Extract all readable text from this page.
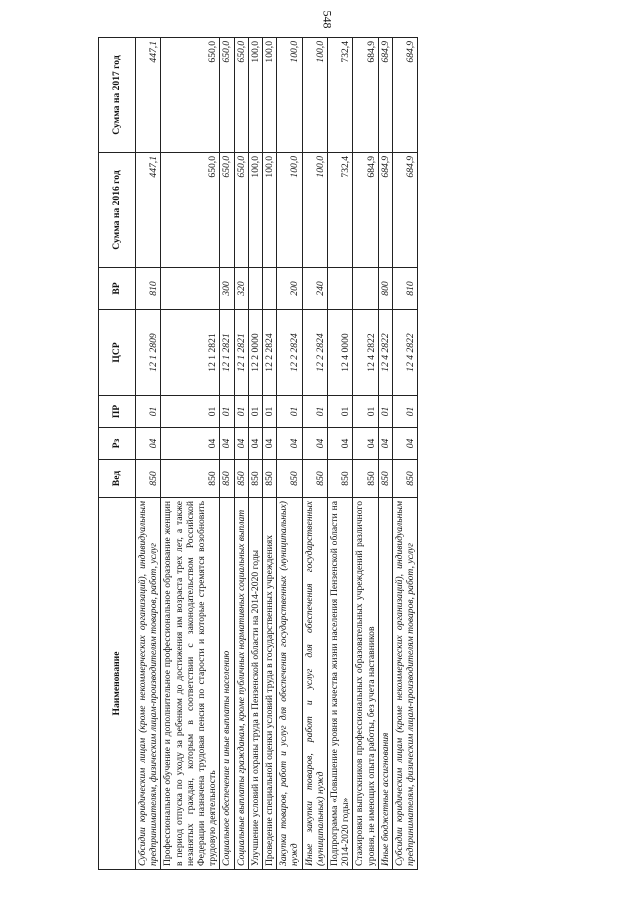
548
Наименование	Вед	Рз	ПР	ЦСР	ВР	Сумма на 2016 год	Сумма на 2017 год
Субсидии юридическим лицам (кроме некоммерческих организаций), индивидуальным предпринимателям, физическим лицам-производителям товаров, работ, услуг	850	04	01	12 1 2809	810	447,1	447,1
Профессиональное обучение и дополнительное профессиональное образование женщин в период отпуска по уходу за ребенком до достижения им возраста трех лет, а также незанятых граждан, которым в соответствии с законодательством Российской Федерации назначена трудовая пенсия по старости и которые стремятся возобновить трудовую деятельность	850	04	01	12 1 2821		650,0	650,0
Социальное обеспечение и иные выплаты населению	850	04	01	12 1 2821	300	650,0	650,0
Социальные выплаты гражданам, кроме публичных нормативных социальных выплат	850	04	01	12 1 2821	320	650,0	650,0
Улучшение условий и охраны труда в Пензенской области на 2014-2020 годы	850	04	01	12 2 0000		100,0	100,0
Проведение специальной оценки условий труда в государственных учреждениях	850	04	01	12 2 2824		100,0	100,0
Закупка товаров, работ и услуг для обеспечения государственных (муниципальных) нужд	850	04	01	12 2 2824	200	100,0	100,0
Иные закупки товаров, работ и услуг для обеспечения государственных (муниципальных) нужд	850	04	01	12 2 2824	240	100,0	100,0
Подпрограмма «Повышение уровня и качества жизни населения Пензенской области на 2014-2020 годы»	850	04	01	12 4 0000		732,4	732,4
Стажировки выпускников профессиональных образовательных учреждений различного уровня, не имеющих опыта работы, без учета наставников	850	04	01	12 4 2822		684,9	684,9
Иные бюджетные ассигнования	850	04	01	12 4 2822	800	684,9	684,9
Субсидии юридическим лицам (кроме некоммерческих организаций), индивидуальным предпринимателям, физическим лицам-производителям товаров, работ, услуг	850	04	01	12 4 2822	810	684,9	684,9
